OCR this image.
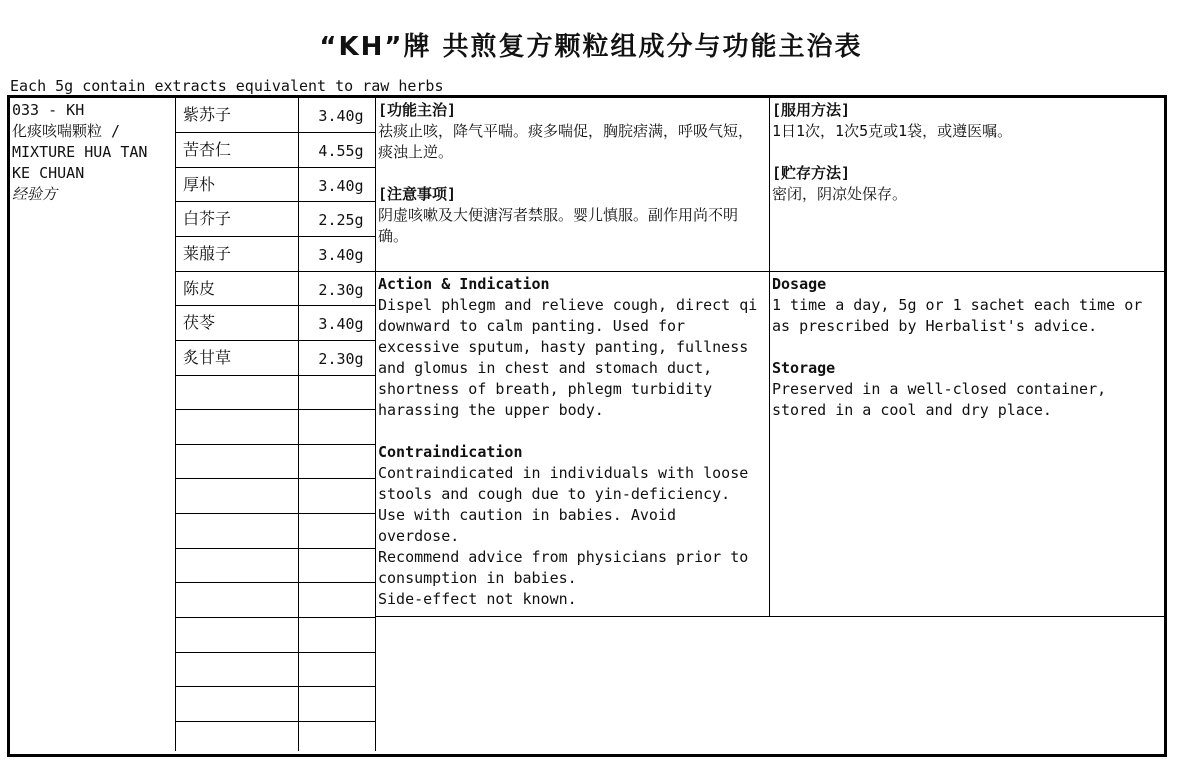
“KH”牌 共煎复方颗粒组成分与功能主治表
Each 5g contain extracts equivalent to raw herbs
033 - KH
化痰咳喘颗粒 / MIXTURE HUA TAN KE CHUAN
经验方
紫苏子	3.40g
苦杏仁	4.55g
厚朴	3.40g
白芥子	2.25g
莱菔子	3.40g
陈皮	2.30g
茯苓	3.40g
炙甘草	2.30g
[功能主治]
祛痰止咳，降气平喘。痰多喘促，胸脘痞满，呼吸气短，痰浊上逆。
[注意事项]
阴虚咳嗽及大便溏泻者禁服。婴儿慎服。副作用尚不明确。
[服用方法]
1日1次，1次5克或1袋，或遵医嘱。
[贮存方法]
密闭，阴凉处保存。
Action & Indication
Dispel phlegm and relieve cough, direct qi downward to calm panting. Used for excessive sputum, hasty panting, fullness and glomus in chest and stomach duct, shortness of breath, phlegm turbidity harassing the upper body.
Contraindication
Contraindicated in individuals with loose stools and cough due to yin-deficiency. Use with caution in babies. Avoid overdose.
Recommend advice from physicians prior to consumption in babies.
Side-effect not known.
Dosage
1 time a day, 5g or 1 sachet each time or as prescribed by Herbalist's advice.
Storage
Preserved in a well-closed container, stored in a cool and dry place.
